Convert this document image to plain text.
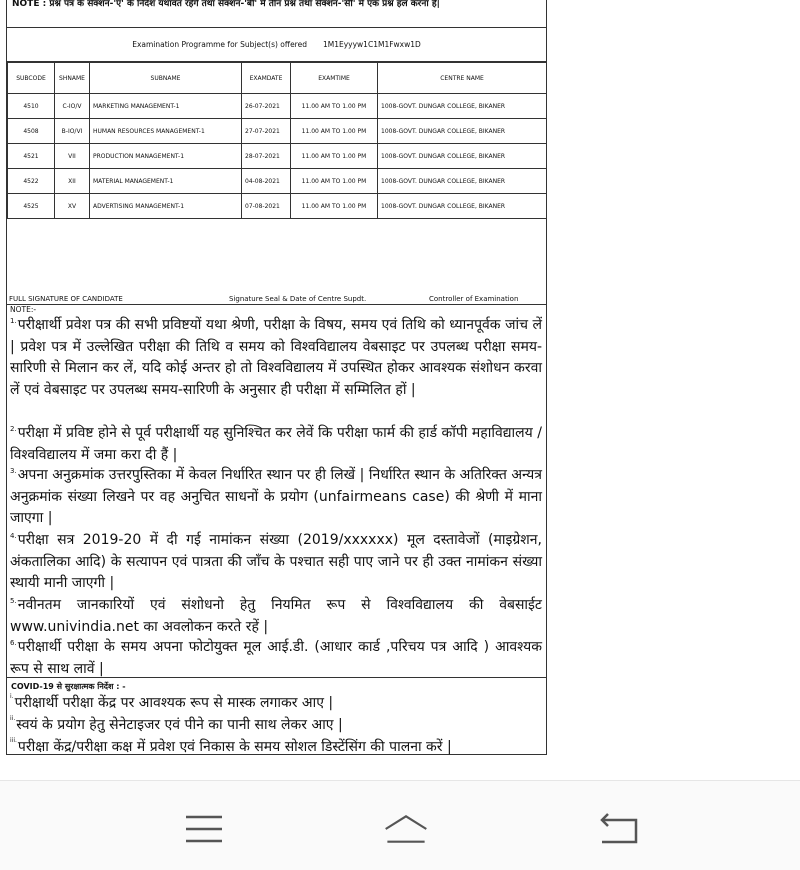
NOTE : प्रश्न पत्र के सेक्शन-'ए' के निर्देश यथावत रहेंगे तथा सेक्शन-'बी' में तीन प्रश्न तथा सेक्शन-'सी' में एक प्रश्न हल करना हैं|
Examination Programme for Subject(s) offered 1M1Eyyyw1C1M1Fwxw1D
SUBCODE	SHNAME	SUBNAME	EXAMDATE	EXAMTIME	CENTRE NAME
4510	C-IO/V	MARKETING MANAGEMENT-1	26-07-2021	11.00 AM TO 1.00 PM	1008-GOVT. DUNGAR COLLEGE, BIKANER
4508	B-IO/VI	HUMAN RESOURCES MANAGEMENT-1	27-07-2021	11.00 AM TO 1.00 PM	1008-GOVT. DUNGAR COLLEGE, BIKANER
4521	VII	PRODUCTION MANAGEMENT-1	28-07-2021	11.00 AM TO 1.00 PM	1008-GOVT. DUNGAR COLLEGE, BIKANER
4522	XII	MATERIAL MANAGEMENT-1	04-08-2021	11.00 AM TO 1.00 PM	1008-GOVT. DUNGAR COLLEGE, BIKANER
4525	XV	ADVERTISING MANAGEMENT-1	07-08-2021	11.00 AM TO 1.00 PM	1008-GOVT. DUNGAR COLLEGE, BIKANER
FULL SIGNATURE OF CANDIDATE	Signature Seal & Date of Centre Supdt.	Controller of Examination
NOTE:-
$^{1.}$परीक्षार्थी प्रवेश पत्र की सभी प्रविष्टयों यथा श्रेणी, परीक्षा के विषय, समय एवं तिथि को ध्यानपूर्वक जांच लें | प्रवेश पत्र में उल्लेखित परीक्षा की तिथि व समय को विश्वविद्यालय वेबसाइट पर उपलब्ध परीक्षा समय-सारिणी से मिलान कर लें, यदि कोई अन्तर हो तो विश्वविद्यालय में उपस्थित होकर आवश्यक संशोधन करवा लें एवं वेबसाइट पर उपलब्ध समय-सारिणी के अनुसार ही परीक्षा में सम्मिलित हों |
$^{2.}$परीक्षा में प्रविष्ट होने से पूर्व परीक्षार्थी यह सुनिश्चित कर लेवें कि परीक्षा फार्म की हार्ड कॉपी महाविद्यालय /विश्वविद्यालय में जमा करा दी हैं |
$^{3.}$अपना अनुक्रमांक उत्तरपुस्तिका में केवल निर्धारित स्थान पर ही लिखें | निर्धारित स्थान के अतिरिक्त अन्यत्र अनुक्रमांक संख्या लिखने पर वह अनुचित साधनों के प्रयोग (unfairmeans case) की श्रेणी में माना जाएगा |
$^{4.}$परीक्षा सत्र 2019-20 में दी गई नामांकन संख्या (2019/xxxxxx) मूल दस्तावेजों (माइग्रेशन, अंकतालिका आदि) के सत्यापन एवं पात्रता की जाँच के पश्चात सही पाए जाने पर ही उक्त नामांकन संख्या स्थायी मानी जाएगी |
$^{5.}$नवीनतम जानकारियों एवं संशोधनो हेतु नियमित रूप से विश्वविद्यालय की वेबसाईट www.univindia.net का अवलोकन करते रहें |
$^{6.}$परीक्षार्थी परीक्षा के समय अपना फोटोयुक्त मूल आई.डी. (आधार कार्ड ,परिचय पत्र आदि ) आवश्यक रूप से साथ लावें |
COVID-19 से सुरक्षात्मक निर्देश : -
$^{i.}$परीक्षार्थी परीक्षा केंद्र पर आवश्यक रूप से मास्क लगाकर आए |
$^{ii.}$स्वयं के प्रयोग हेतु सेनेटाइजर एवं पीने का पानी साथ लेकर आए |
$^{iii.}$परीक्षा केंद्र/परीक्षा कक्ष में प्रवेश एवं निकास के समय सोशल डिस्टेंसिंग की पालना करें |
